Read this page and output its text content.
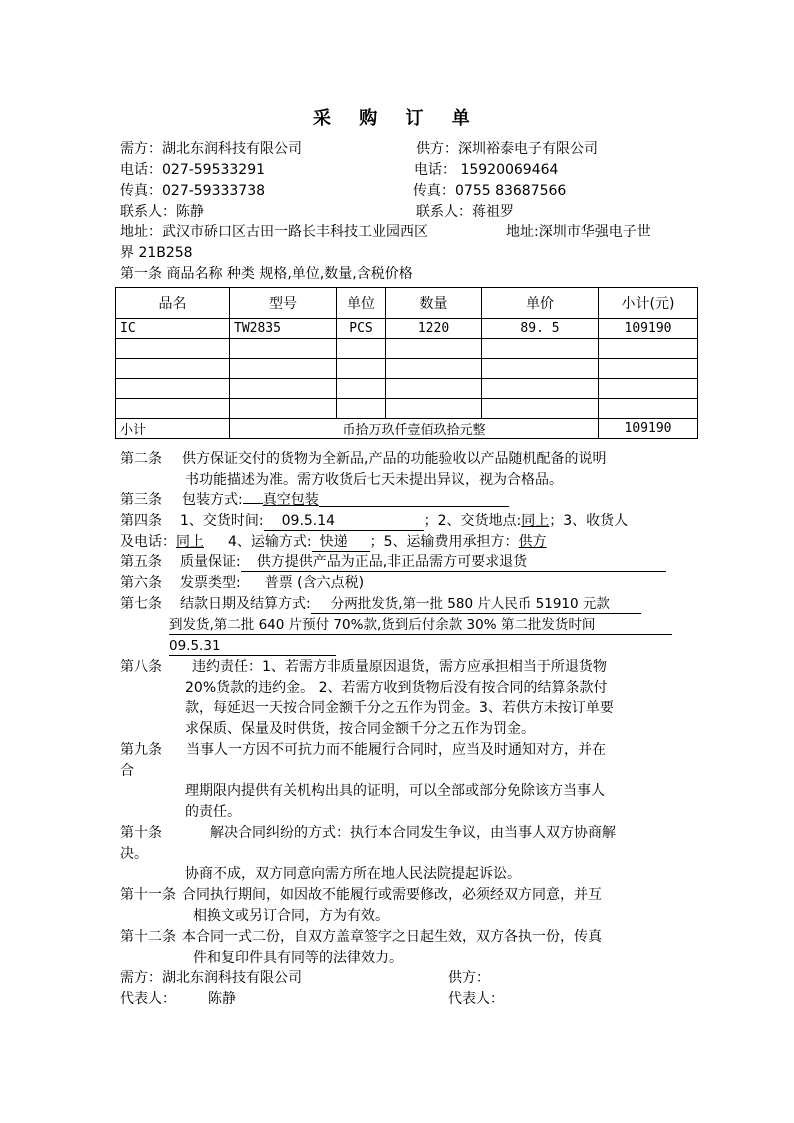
采 购 订 单
需方：湖北东润科技有限公司	供方：深圳裕泰电子有限公司
电话：027-59533291	电话： 15920069464
传真：027-59333738	传真：0755 83687566
联系人：陈静	联系人：蒋祖罗
地址：武汉市硚口区古田一路长丰科技工业园西区	地址:深圳市华强电子世
界 21B258
第一条 商品名称 种类 规格,单位,数量,含税价格
品名	型号	单位	数量	单价	小计(元)
IC	TW2835	PCS	1220	89. 5	109190

小计	币拾万玖仟壹佰玖拾元整				109190
第二条 供方保证交付的货物为全新品,产品的功能验收以产品随机配备的说明
书功能描述为准。需方收货后七天未提出异议，视为合格品。
第三条 包装方式: 真空包装
第四条 1、交货时间: 09.5.14	；2、交货地点:同上；3、收货人
及电话：同上 4、运输方式: 快递 ；5、运输费用承担方：供方
第五条 质量保证: 供方提供产品为正品,非正品需方可要求退货
第六条 发票类型: 普票 (含六点税)
第七条 结款日期及结算方式: 分两批发货,第一批 580 片人民币 51910 元款
到发货,第二批 640 片预付 70%款,货到后付余款 30% 第二批发货时间
09.5.31
第八条 违约责任：1、若需方非质量原因退货，需方应承担相当于所退货物
20%货款的违约金。 2、若需方收到货物后没有按合同的结算条款付
款，每延迟一天按合同金额千分之五作为罚金。3、若供方未按订单要
求保质、保量及时供货，按合同金额千分之五作为罚金。
第九条 当事人一方因不可抗力而不能履行合同时，应当及时通知对方，并在
合
理期限内提供有关机构出具的证明，可以全部或部分免除该方当事人
的责任。
第十条	解决合同纠纷的方式：执行本合同发生争议，由当事人双方协商解
决。
协商不成，双方同意向需方所在地人民法院提起诉讼。
第十一条 合同执行期间，如因故不能履行或需要修改，必须经双方同意，并互
相换文或另订合同，方为有效。
第十二条 本合同一式二份，自双方盖章签字之日起生效，双方各执一份，传真
件和复印件具有同等的法律效力。
需方：湖北东润科技有限公司	供方：
代表人： 陈静	代表人：
